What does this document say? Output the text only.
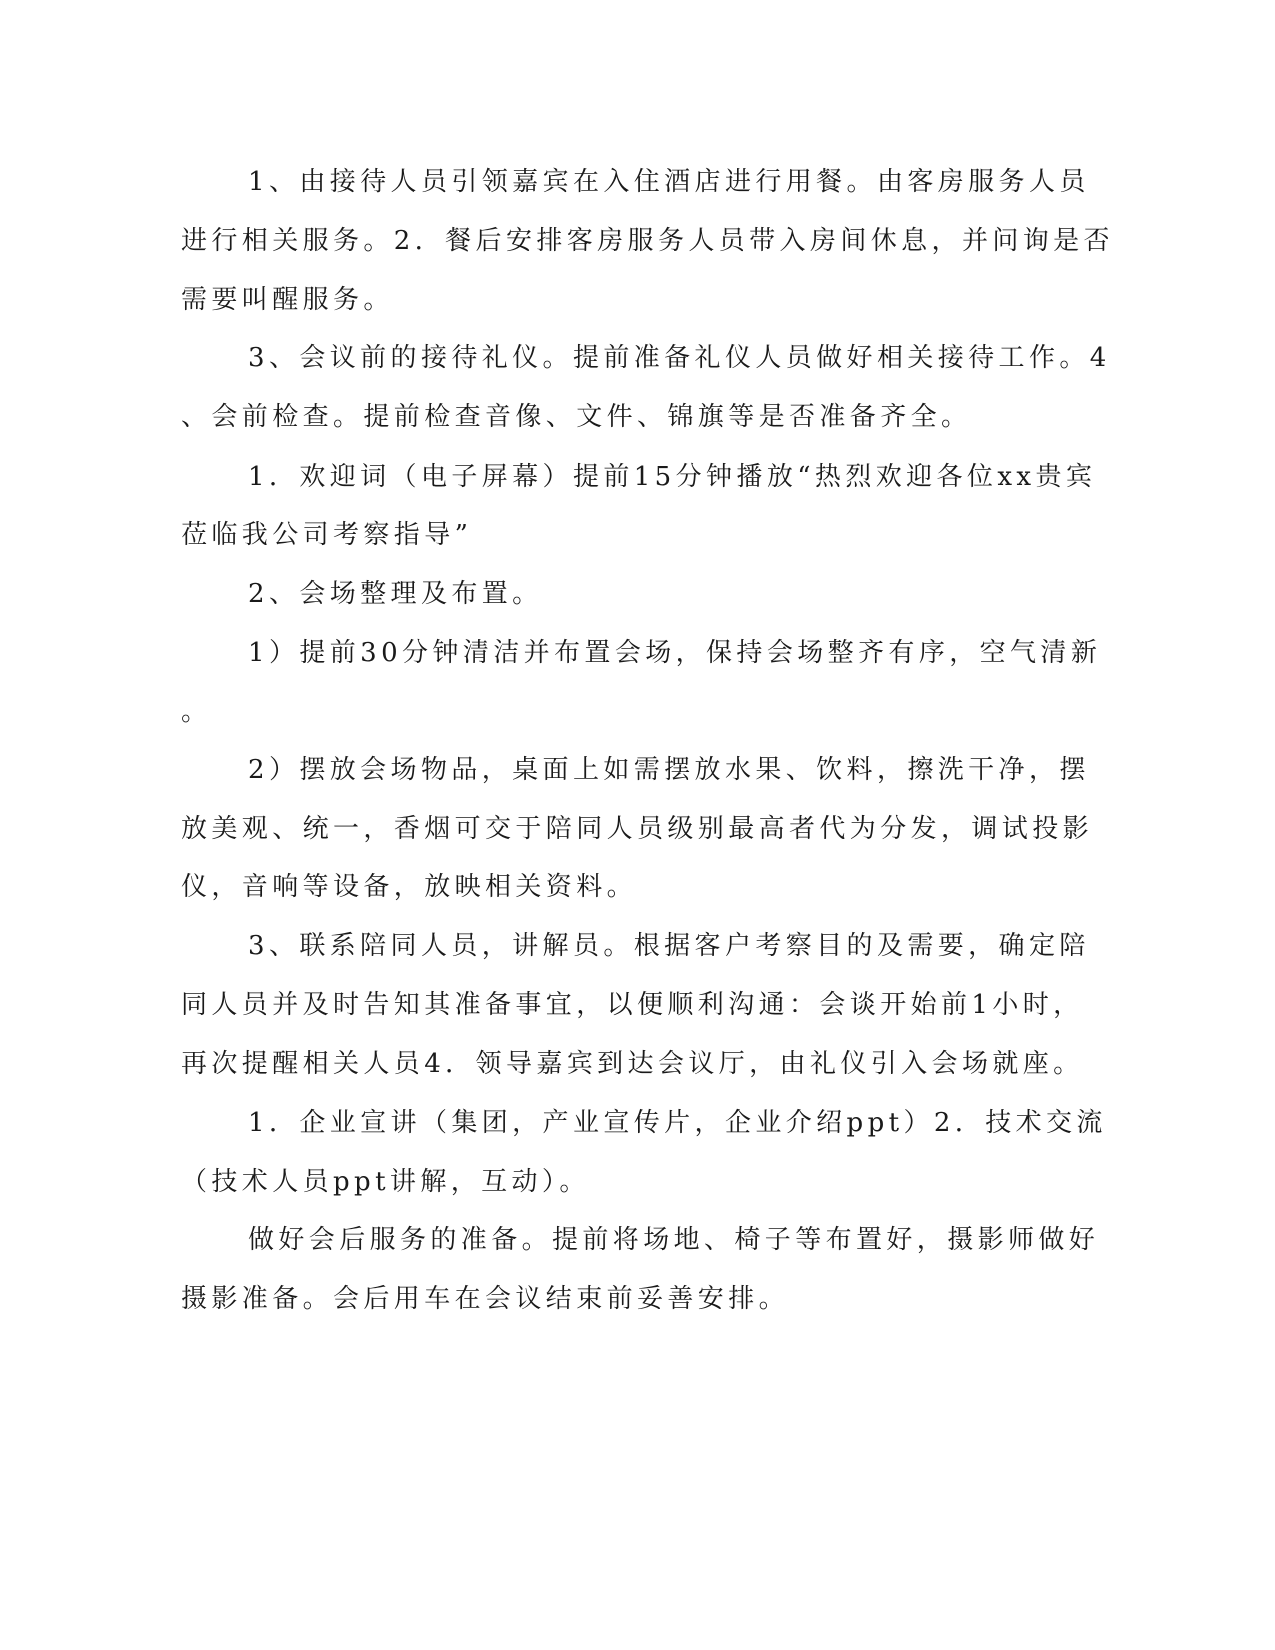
1、由接待人员引领嘉宾在入住酒店进行用餐。由客房服务人员

进行相关服务。2．餐后安排客房服务人员带入房间休息，并问询是否

需要叫醒服务。

3、会议前的接待礼仪。提前准备礼仪人员做好相关接待工作。4

、会前检查。提前检查音像、文件、锦旗等是否准备齐全。

1．欢迎词（电子屏幕）提前15分钟播放“热烈欢迎各位xx贵宾

莅临我公司考察指导”

2、会场整理及布置。

1）提前30分钟清洁并布置会场，保持会场整齐有序，空气清新

。

2）摆放会场物品，桌面上如需摆放水果、饮料，擦洗干净，摆

放美观、统一，香烟可交于陪同人员级别最高者代为分发，调试投影

仪，音响等设备，放映相关资料。

3、联系陪同人员，讲解员。根据客户考察目的及需要，确定陪

同人员并及时告知其准备事宜，以便顺利沟通：会谈开始前1小时，

再次提醒相关人员4．领导嘉宾到达会议厅，由礼仪引入会场就座。

1．企业宣讲（集团，产业宣传片，企业介绍ppt）2．技术交流

（技术人员ppt讲解，互动）。

做好会后服务的准备。提前将场地、椅子等布置好，摄影师做好

摄影准备。会后用车在会议结束前妥善安排。
